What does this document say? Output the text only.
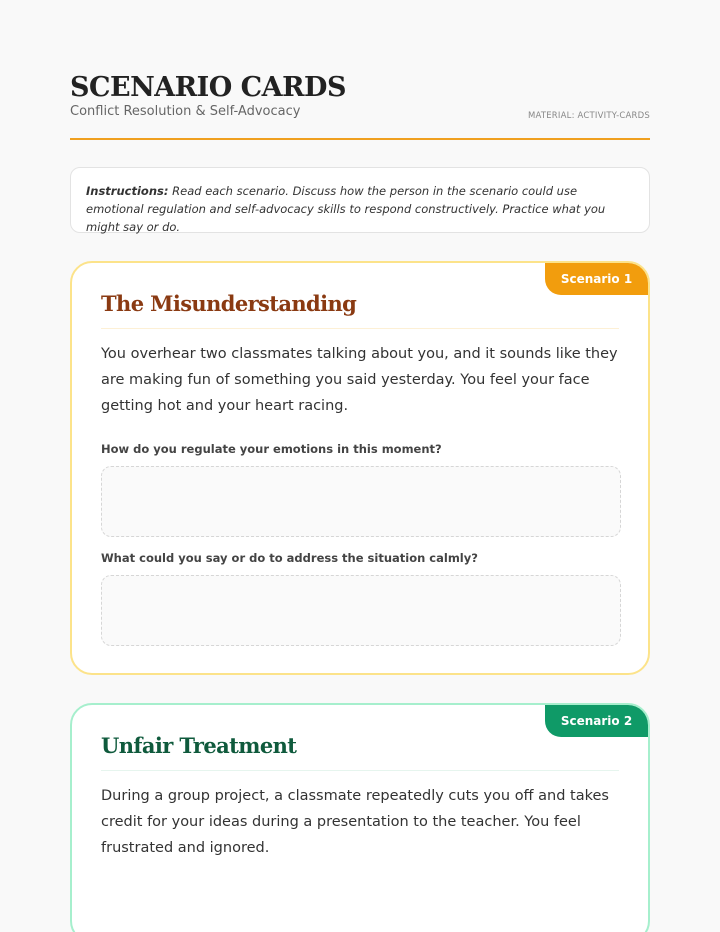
SCENARIO CARDS
Conflict Resolution & Self-Advocacy	MATERIAL: ACTIVITY-CARDS
Instructions: Read each scenario. Discuss how the person in the scenario could use emotional regulation and self-advocacy skills to respond constructively. Practice what you might say or do.
Scenario 1
The Misunderstanding
You overhear two classmates talking about you, and it sounds like they are making fun of something you said yesterday. You feel your face getting hot and your heart racing.
How do you regulate your emotions in this moment?
What could you say or do to address the situation calmly?
Scenario 2
Unfair Treatment
During a group project, a classmate repeatedly cuts you off and takes credit for your ideas during a presentation to the teacher. You feel frustrated and ignored.
